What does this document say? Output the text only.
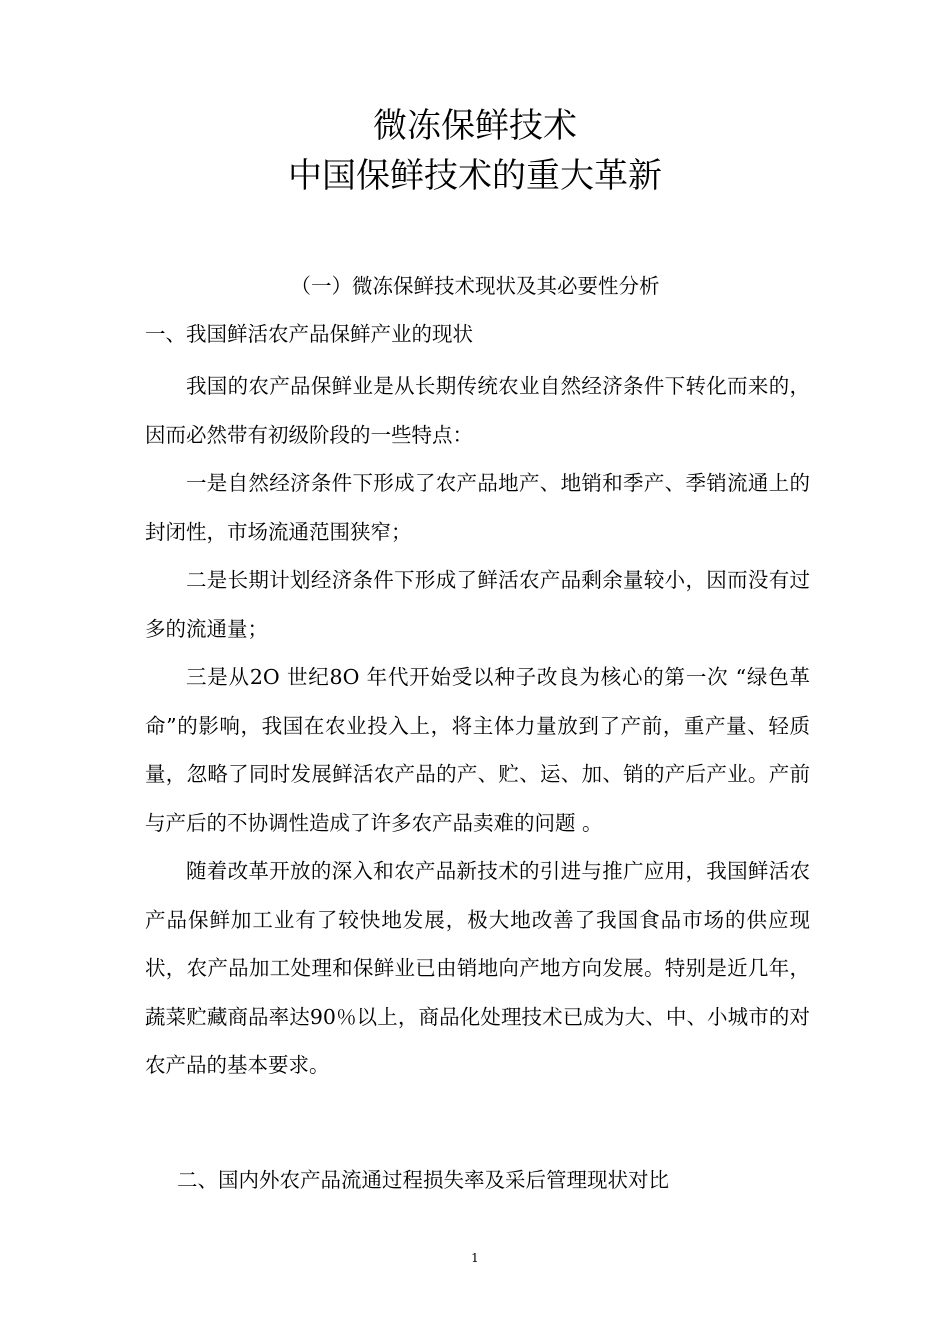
微冻保鲜技术
中国保鲜技术的重大革新
（一）微冻保鲜技术现状及其必要性分析
一、我国鲜活农产品保鲜产业的现状

我国的农产品保鲜业是从长期传统农业自然经济条件下转化而来的，因而必然带有初级阶段的一些特点：

一是自然经济条件下形成了农产品地产、地销和季产、季销流通上的封闭性，市场流通范围狭窄；

二是长期计划经济条件下形成了鲜活农产品剩余量较小，因而没有过多的流通量；

三是从2O 世纪8O 年代开始受以种子改良为核心的第一次 “绿色革命”的影响，我国在农业投入上，将主体力量放到了产前，重产量、轻质量，忽略了同时发展鲜活农产品的产、贮、运、加、销的产后产业。产前与产后的不协调性造成了许多农产品卖难的问题 。

随着改革开放的深入和农产品新技术的引进与推广应用，我国鲜活农产品保鲜加工业有了较快地发展，极大地改善了我国食品市场的供应现状，农产品加工处理和保鲜业已由销地向产地方向发展。特别是近几年，蔬菜贮藏商品率达90％以上，商品化处理技术已成为大、中、小城市的对农产品的基本要求。

二、国内外农产品流通过程损失率及采后管理现状对比
1
